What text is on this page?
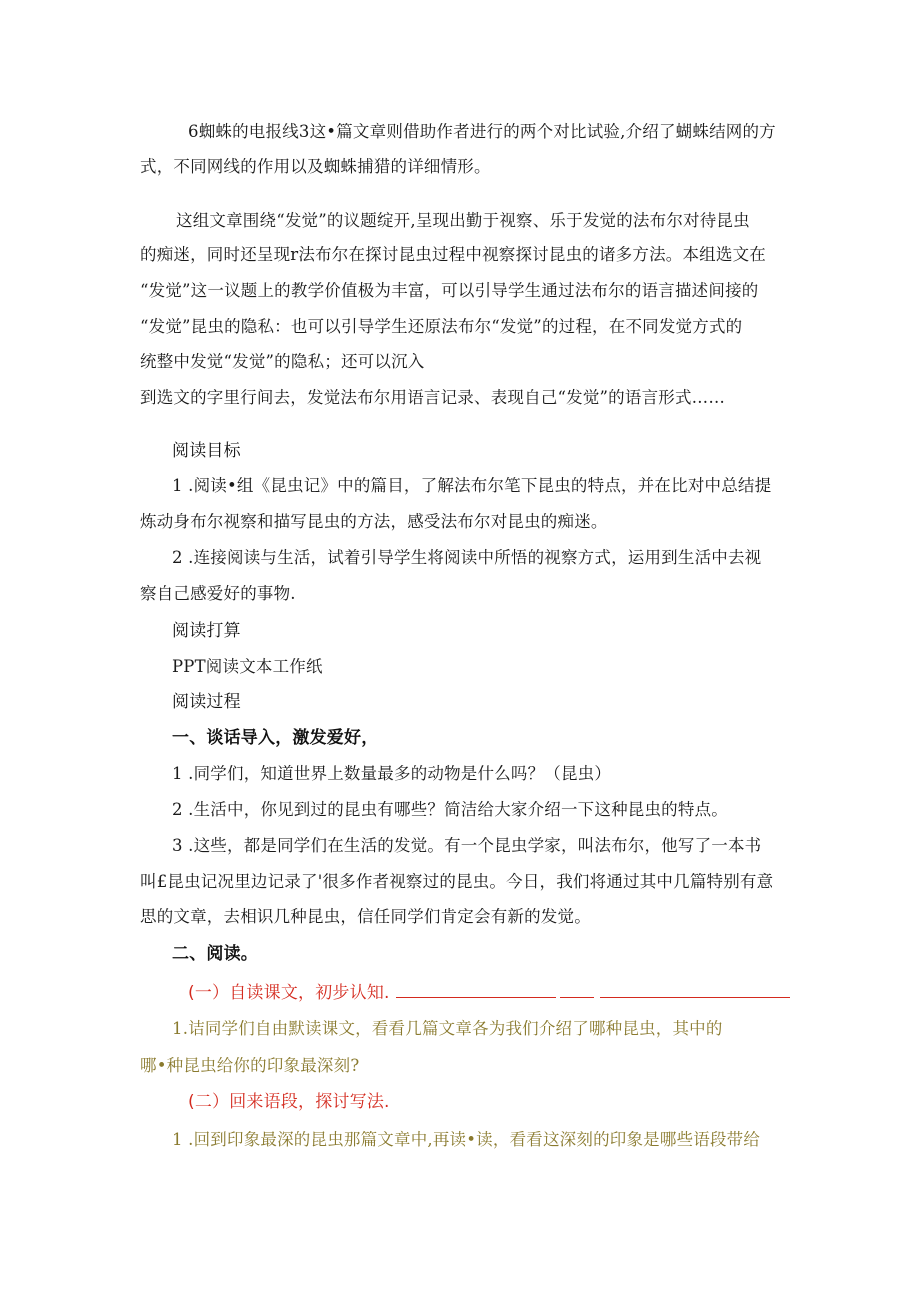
6蜘蛛的电报线3这•篇文章则借助作者进行的两个对比试验,介绍了蝴蛛结网的方
式，不同网线的作用以及蜘蛛捕猎的详细情形。
这组文章围绕“发觉”的议题绽开,呈现出勤于视察、乐于发觉的法布尔对待昆虫
的痴迷，同时还呈现r法布尔在探讨昆虫过程中视察探讨昆虫的诸多方法。本组选文在
“发觉”这一议题上的教学价值极为丰富，可以引导学生通过法布尔的语言描述间接的
“发觉”昆虫的隐私：也可以引导学生还原法布尔“发觉”的过程，在不同发觉方式的
统整中发觉“发觉”的隐私；还可以沉入
到选文的字里行间去，发觉法布尔用语言记录、表现自己“发觉”的语言形式……
阅读目标
1 .阅读•组《昆虫记》中的篇目，了解法布尔笔下昆虫的特点，并在比对中总结提
炼动身布尔视察和描写昆虫的方法，感受法布尔对昆虫的痴迷。
2 .连接阅读与生活，试着引导学生将阅读中所悟的视察方式，运用到生活中去视
察自己感爱好的事物.
阅读打算
PPT阅读文本工作纸
阅读过程
一、谈话导入，激发爱好，
1 .同学们，知道世界上数量最多的动物是什么吗？（昆虫）
2 .生活中，你见到过的昆虫有哪些？简洁给大家介绍一下这种昆虫的特点。
3 .这些，都是同学们在生活的发觉。有一个昆虫学家，叫法布尔，他写了一本书
叫£昆虫记况里边记录了'很多作者视察过的昆虫。今日，我们将通过其中几篇特别有意
思的文章，去相识几种昆虫，信任同学们肯定会有新的发觉。
二、阅读。
(一）自读课文，初步认知.
1.诘同学们自由默读课文，看看几篇文章各为我们介绍了哪种昆虫，其中的
哪•种昆虫给你的印象最深刻?
(二）回来语段，探讨写法.
1 .回到印象最深的昆虫那篇文章中,再读•读，看看这深刻的印象是哪些语段带给
